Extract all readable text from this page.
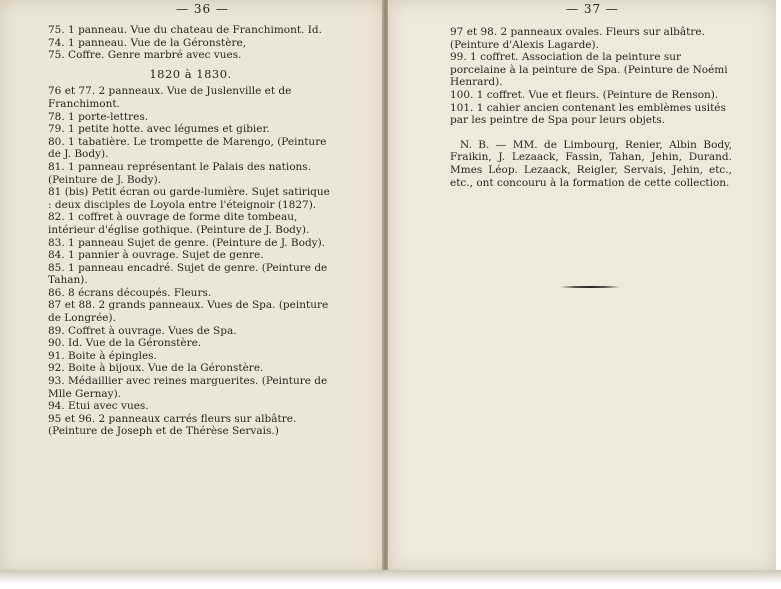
— 36 —
75. 1 panneau. Vue du chateau de Franchimont. Id.
74. 1 panneau. Vue de la Géronstère,
75. Coffre. Genre marbré avec vues.
1820 à 1830.
76 et 77. 2 panneaux. Vue de Juslenville et de Franchimont.
78. 1 porte-lettres.
79. 1 petite hotte. avec légumes et gibier.
80. 1 tabatière. Le trompette de Marengo, (Peinture de J. Body).
81. 1 panneau représentant le Palais des nations. (Peinture de J. Body).
81 (bis) Petit écran ou garde-lumière. Sujet satirique : deux disciples de Loyola entre l'éteignoir (1827).
82. 1 coffret à ouvrage de forme dite tombeau, intérieur d'église gothique. (Peinture de J. Body).
83. 1 panneau Sujet de genre. (Peinture de J. Body).
84. 1 pannier à ouvrage. Sujet de genre.
85. 1 panneau encadré. Sujet de genre. (Peinture de Tahan).
86. 8 écrans découpés. Fleurs.
87 et 88. 2 grands panneaux. Vues de Spa. (peinture de Longrée).
89. Coffret à ouvrage. Vues de Spa.
90. Id. Vue de la Géronstère.
91. Boite à épingles.
92. Boite à bijoux. Vue de la Géronstère.
93. Médaillier avec reines marguerites. (Peinture de Mlle Gernay).
94. Etui avec vues.
95 et 96. 2 panneaux carrés fleurs sur albâtre. (Peinture de Joseph et de Thérèse Servais.)
— 37 —
97 et 98. 2 panneaux ovales. Fleurs sur albâtre. (Peinture d'Alexis Lagarde).
99. 1 coffret. Association de la peinture sur porcelaine à la peinture de Spa. (Peinture de Noémi Henrard).
100. 1 coffret. Vue et fleurs. (Peinture de Renson).
101. 1 cahier ancien contenant les emblèmes usités par les peintre de Spa pour leurs objets.
N. B. — MM. de Limbourg, Renier, Albin Body, Fraikin, J. Lezaack, Fassin, Tahan, Jehin, Durand. Mmes Léop. Lezaack, Reigler, Servais, Jehin, etc., etc., ont concouru à la formation de cette collection.
